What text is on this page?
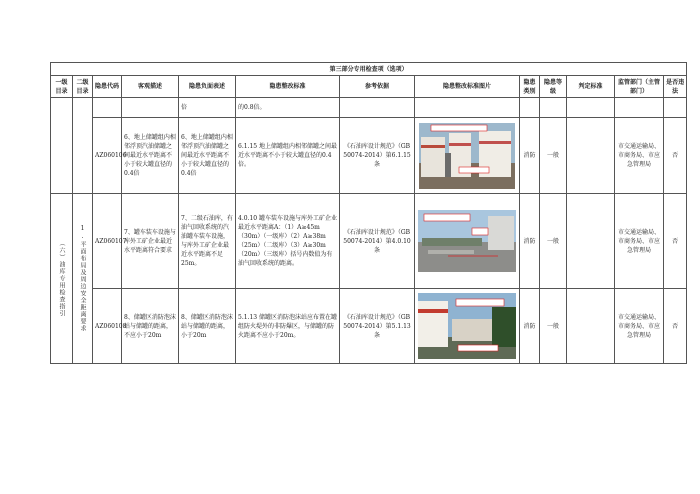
第三部分专用检查项（选项）												
一级目录	二级目录	隐患代码	客观描述	隐患负面表述	隐患整改标准	参考依据	隐患整改标准图片	隐患类别	隐患等级	判定标准	监管部门（主管部门）	是否违法
				倍	的0.8倍。							
		AZ060106	6、地上储罐组内相邻浮顶汽油储罐之间最近水平距离不小于较大罐直径的0.4倍	6、地上储罐组内相邻浮顶汽油储罐之间最近水平距离不小于较大罐直径的0.4倍	6.1.15 地上储罐组内相邻储罐之间最近水平距离不小于较大罐直径的0.4倍。	《石油库设计规范》（GB 50074-2014）第6.1.15条		消防	一般		市交通运输局、市商务局、市应急管理局	否

（六）油库专用检查指引	1.平面布局及周边安全距离要求	AZ060107	7、罐车装车设施与库外工矿企业最近水平距离符合要求	7、二级石油库，有油气回收系统的汽油罐车装车设施，与库外工矿企业最近水平距离不足25m。	4.0.10 罐车装车设施与库外工矿企业最近水平距离A：（1）A≥45m（30m）（一级库）（2）A≥38m（25m）（二级库）（3）A≥30m（20m）（三级库）括号内数值为有油气回收系统的距离。	《石油库设计规范》（GB 50074-2014）第4.0.10条		消防	一般		市交通运输局、市商务局、市应急管理局	否
		AZ060108	8、储罐区消防泡沫站与储罐的距离，不应小于20m	8、储罐区消防泡沫站与储罐的距离，小于20m	5.1.13 储罐区消防泡沫站应布置在罐组防火堤外的非防爆区，与储罐的防火距离不应小于20m。	《石油库设计规范》（GB 50074-2014）第5.1.13条		消防	一般		市交通运输局、市商务局、市应急管理局	否
